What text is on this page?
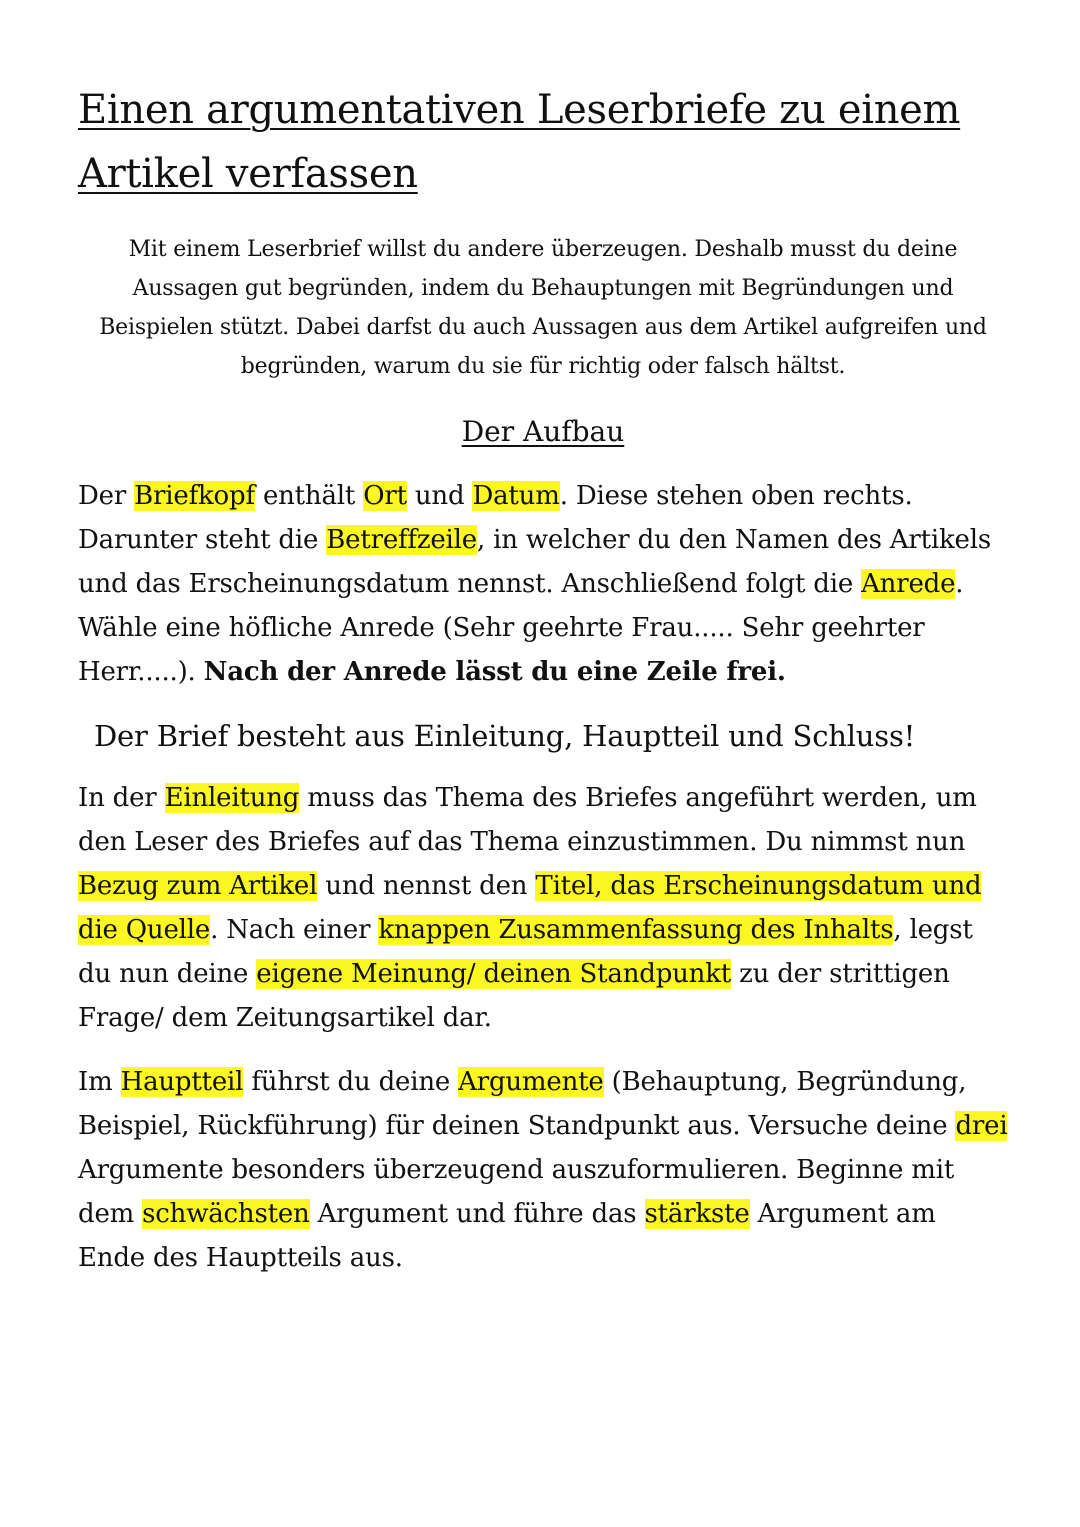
Einen argumentativen Leserbriefe zu einem Artikel verfassen

Mit einem Leserbrief willst du andere überzeugen. Deshalb musst du deine Aussagen gut begründen, indem du Behauptungen mit Begründungen und Beispielen stützt. Dabei darfst du auch Aussagen aus dem Artikel aufgreifen und begründen, warum du sie für richtig oder falsch hältst.

Der Aufbau

Der Briefkopf enthält Ort und Datum. Diese stehen oben rechts. Darunter steht die Betreffzeile, in welcher du den Namen des Artikels und das Erscheinungsdatum nennst. Anschließend folgt die Anrede. Wähle eine höfliche Anrede (Sehr geehrte Frau..... Sehr geehrter Herr.....). Nach der Anrede lässt du eine Zeile frei.

Der Brief besteht aus Einleitung, Hauptteil und Schluss!

In der Einleitung muss das Thema des Briefes angeführt werden, um den Leser des Briefes auf das Thema einzustimmen. Du nimmst nun Bezug zum Artikel und nennst den Titel, das Erscheinungsdatum und die Quelle. Nach einer knappen Zusammenfassung des Inhalts, legst du nun deine eigene Meinung/ deinen Standpunkt zu der strittigen Frage/ dem Zeitungsartikel dar.

Im Hauptteil führst du deine Argumente (Behauptung, Begründung, Beispiel, Rückführung) für deinen Standpunkt aus. Versuche deine drei Argumente besonders überzeugend auszuformulieren. Beginne mit dem schwächsten Argument und führe das stärkste Argument am Ende des Hauptteils aus.
